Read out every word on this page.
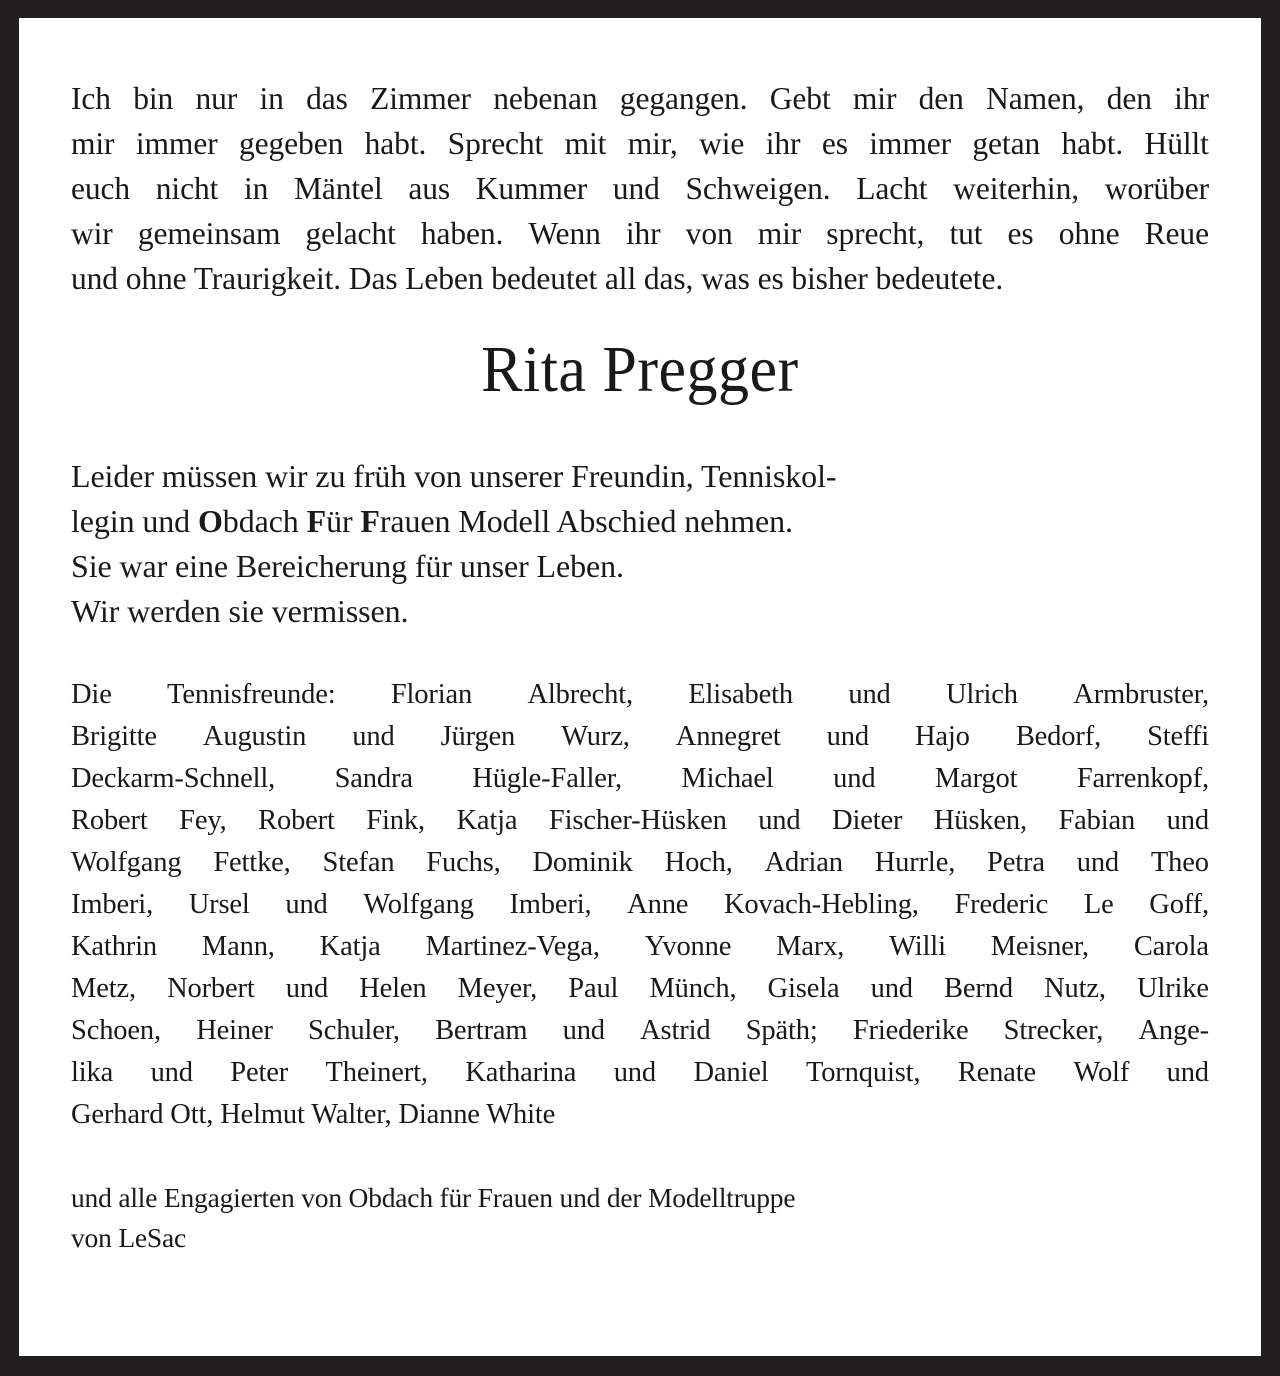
Ich bin nur in das Zimmer nebenan gegangen. Gebt mir den Namen, den ihr
mir immer gegeben habt. Sprecht mit mir, wie ihr es immer getan habt. Hüllt
euch nicht in Mäntel aus Kummer und Schweigen. Lacht weiterhin, worüber
wir gemeinsam gelacht haben. Wenn ihr von mir sprecht, tut es ohne Reue
und ohne Traurigkeit. Das Leben bedeutet all das, was es bisher bedeutete.
Rita Pregger
Leider müssen wir zu früh von unserer Freundin, Tenniskol-
legin und Obdach Für Frauen Modell Abschied nehmen.
Sie war eine Bereicherung für unser Leben.
Wir werden sie vermissen.
Die Tennisfreunde: Florian Albrecht, Elisabeth und Ulrich Armbruster,
Brigitte Augustin und Jürgen Wurz, Annegret und Hajo Bedorf, Steffi
Deckarm-Schnell, Sandra Hügle-Faller, Michael und Margot Farrenkopf,
Robert Fey, Robert Fink, Katja Fischer-Hüsken und Dieter Hüsken, Fabian und
Wolfgang Fettke, Stefan Fuchs, Dominik Hoch, Adrian Hurrle, Petra und Theo
Imberi, Ursel und Wolfgang Imberi, Anne Kovach-Hebling, Frederic Le Goff,
Kathrin Mann, Katja Martinez-Vega, Yvonne Marx, Willi Meisner, Carola
Metz, Norbert und Helen Meyer, Paul Münch, Gisela und Bernd Nutz, Ulrike
Schoen, Heiner Schuler, Bertram und Astrid Späth; Friederike Strecker, Ange-
lika und Peter Theinert, Katharina und Daniel Tornquist, Renate Wolf und
Gerhard Ott, Helmut Walter, Dianne White
und alle Engagierten von Obdach für Frauen und der Modelltruppe
von LeSac
